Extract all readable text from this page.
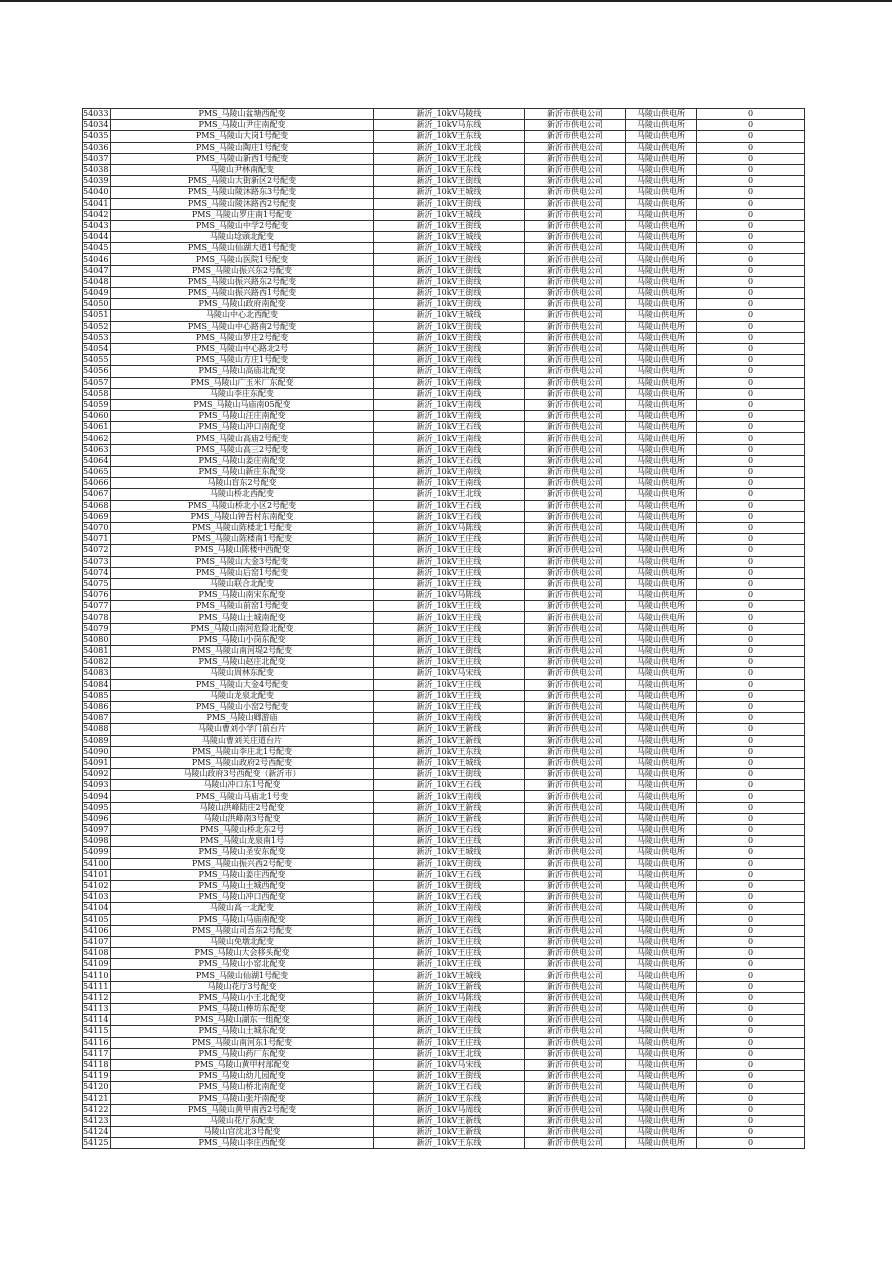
54033	PMS_马陵山盆塘西配变	新沂_10kV马陵线	新沂市供电公司	马陵山供电所	0
54034	PMS_马陵山尹庄南配变	新沂_10kV马东线	新沂市供电公司	马陵山供电所	0
54035	PMS_马陵山大岗1号配变	新沂_10kV王东线	新沂市供电公司	马陵山供电所	0
54036	PMS_马陵山陶庄1号配变	新沂_10kV王北线	新沂市供电公司	马陵山供电所	0
54037	PMS_马陵山新西1号配变	新沂_10kV王北线	新沂市供电公司	马陵山供电所	0
54038	马陵山尹林南配变	新沂_10kV王东线	新沂市供电公司	马陵山供电所	0
54039	PMS_马陵山大街新区2号配变	新沂_10kV王街线	新沂市供电公司	马陵山供电所	0
54040	PMS_马陵山陵沐路东3号配变	新沂_10kV王城线	新沂市供电公司	马陵山供电所	0
54041	PMS_马陵山陵沐路西2号配变	新沂_10kV王街线	新沂市供电公司	马陵山供电所	0
54042	PMS_马陵山罗庄南1号配变	新沂_10kV王城线	新沂市供电公司	马陵山供电所	0
54043	PMS_马陵山中学2号配变	新沂_10kV王街线	新沂市供电公司	马陵山供电所	0
54044	马陵山埝頭北配变	新沂_10kV王城线	新沂市供电公司	马陵山供电所	0
54045	PMS_马陵山仙湖大道1号配变	新沂_10kV王城线	新沂市供电公司	马陵山供电所	0
54046	PMS_马陵山医院1号配变	新沂_10kV王街线	新沂市供电公司	马陵山供电所	0
54047	PMS_马陵山振兴东2号配变	新沂_10kV王街线	新沂市供电公司	马陵山供电所	0
54048	PMS_马陵山振兴路东2号配变	新沂_10kV王街线	新沂市供电公司	马陵山供电所	0
54049	PMS_马陵山振兴路西1号配变	新沂_10kV王街线	新沂市供电公司	马陵山供电所	0
54050	PMS_马陵山政府南配变	新沂_10kV王街线	新沂市供电公司	马陵山供电所	0
54051	马陵山中心北西配变	新沂_10kV王城线	新沂市供电公司	马陵山供电所	0
54052	PMS_马陵山中心路南2号配变	新沂_10kV王街线	新沂市供电公司	马陵山供电所	0
54053	PMS_马陵山罗庄2号配变	新沂_10kV王街线	新沂市供电公司	马陵山供电所	0
54054	PMS_马陵山中心路北2号	新沂_10kV王街线	新沂市供电公司	马陵山供电所	0
54055	PMS_马陵山方庄1号配变	新沂_10kV王南线	新沂市供电公司	马陵山供电所	0
54056	PMS_马陵山高庙北配变	新沂_10kV王南线	新沂市供电公司	马陵山供电所	0
54057	PMS_马陵山广玉米厂东配变	新沂_10kV王南线	新沂市供电公司	马陵山供电所	0
54058	马陵山李庄东配变	新沂_10kV王南线	新沂市供电公司	马陵山供电所	0
54059	PMS_马陵山马庙南05配变	新沂_10kV王南线	新沂市供电公司	马陵山供电所	0
54060	PMS_马陵山汪庄南配变	新沂_10kV王南线	新沂市供电公司	马陵山供电所	0
54061	PMS_马陵山冲口南配变	新沂_10kV王石线	新沂市供电公司	马陵山供电所	0
54062	PMS_马陵山高庙2号配变	新沂_10kV王南线	新沂市供电公司	马陵山供电所	0
54063	PMS_马陵山高三2号配变	新沂_10kV王南线	新沂市供电公司	马陵山供电所	0
54064	PMS_马陵山姜庄南配变	新沂_10kV王石线	新沂市供电公司	马陵山供电所	0
54065	PMS_马陵山新庄东配变	新沂_10kV王南线	新沂市供电公司	马陵山供电所	0
54066	马陵山盲东2号配变	新沂_10kV王南线	新沂市供电公司	马陵山供电所	0
54067	马陵山桥北西配变	新沂_10kV王北线	新沂市供电公司	马陵山供电所	0
54068	PMS_马陵山桥北小区2号配变	新沂_10kV王石线	新沂市供电公司	马陵山供电所	0
54069	PMS_马陵山钟吾村东南配变	新沂_10kV王石线	新沂市供电公司	马陵山供电所	0
54070	PMS_马陵山陈楼北1号配变	新沂_10kV马陈线	新沂市供电公司	马陵山供电所	0
54071	PMS_马陵山陈楼南1号配变	新沂_10kV王庄线	新沂市供电公司	马陵山供电所	0
54072	PMS_马陵山陈楼中西配变	新沂_10kV王庄线	新沂市供电公司	马陵山供电所	0
54073	PMS_马陵山大金3号配变	新沂_10kV王庄线	新沂市供电公司	马陵山供电所	0
54074	PMS_马陵山后窑1号配变	新沂_10kV王庄线	新沂市供电公司	马陵山供电所	0
54075	马陵山联合北配变	新沂_10kV王庄线	新沂市供电公司	马陵山供电所	0
54076	PMS_马陵山南宋东配变	新沂_10kV马陈线	新沂市供电公司	马陵山供电所	0
54077	PMS_马陵山前窑1号配变	新沂_10kV王庄线	新沂市供电公司	马陵山供电所	0
54078	PMS_马陵山土城南配变	新沂_10kV王庄线	新沂市供电公司	马陵山供电所	0
54079	PMS_马陵山南河危险北配变	新沂_10kV王庄线	新沂市供电公司	马陵山供电所	0
54080	PMS_马陵山小岗东配变	新沂_10kV王庄线	新沂市供电公司	马陵山供电所	0
54081	PMS_马陵山南河堤2号配变	新沂_10kV王街线	新沂市供电公司	马陵山供电所	0
54082	PMS_马陵山赵庄北配变	新沂_10kV王庄线	新沂市供电公司	马陵山供电所	0
54083	马陵山周林东配变	新沂_10kV马宋线	新沂市供电公司	马陵山供电所	0
54084	PMS_马陵山大金4号配变	新沂_10kV王庄线	新沂市供电公司	马陵山供电所	0
54085	马陵山龙泉北配变	新沂_10kV王庄线	新沂市供电公司	马陵山供电所	0
54086	PMS_马陵山小窑2号配变	新沂_10kV王庄线	新沂市供电公司	马陵山供电所	0
54087	PMS_马陵山卿游庙	新沂_10kV王南线	新沂市供电公司	马陵山供电所	0
54088	马陵山曹刘小学门前台片	新沂_10kV王新线	新沂市供电公司	马陵山供电所	0
54089	马陵山曹刘关庄道台片	新沂_10kV王新线	新沂市供电公司	马陵山供电所	0
54090	PMS_马陵山李庄北1号配变	新沂_10kV王东线	新沂市供电公司	马陵山供电所	0
54091	PMS_马陵山政府2号西配变	新沂_10kV王城线	新沂市供电公司	马陵山供电所	0
54092	马陵山政府3号西配变（新沂市）	新沂_10kV王街线	新沂市供电公司	马陵山供电所	0
54093	马陵山冲口东1号配变	新沂_10kV王石线	新沂市供电公司	马陵山供电所	0
54094	PMS_马陵山马庙北1号变	新沂_10kV王南线	新沂市供电公司	马陵山供电所	0
54095	马陵山洪峰陆庄2号配变	新沂_10kV王新线	新沂市供电公司	马陵山供电所	0
54096	马陵山洪峰南3号配变	新沂_10kV王新线	新沂市供电公司	马陵山供电所	0
54097	PMS_马陵山桥北东2号	新沂_10kV王石线	新沂市供电公司	马陵山供电所	0
54098	PMS_马陵山龙泉南1号	新沂_10kV王庄线	新沂市供电公司	马陵山供电所	0
54099	PMS_马陵山圣安东配变	新沂_10kV王城线	新沂市供电公司	马陵山供电所	0
54100	PMS_马陵山振兴西2号配变	新沂_10kV王街线	新沂市供电公司	马陵山供电所	0
54101	PMS_马陵山姜庄西配变	新沂_10kV王石线	新沂市供电公司	马陵山供电所	0
54102	PMS_马陵山土城西配变	新沂_10kV王街线	新沂市供电公司	马陵山供电所	0
54103	PMS_马陵山冲口西配变	新沂_10kV王石线	新沂市供电公司	马陵山供电所	0
54104	马陵山高一北配变	新沂_10kV王南线	新沂市供电公司	马陵山供电所	0
54105	PMS_马陵山马庙南配变	新沂_10kV王南线	新沂市供电公司	马陵山供电所	0
54106	PMS_马陵山司吾东2号配变	新沂_10kV王石线	新沂市供电公司	马陵山供电所	0
54107	马陵山免墩北配变	新沂_10kV王庄线	新沂市供电公司	马陵山供电所	0
54108	PMS_马陵山大会移头配变	新沂_10kV王庄线	新沂市供电公司	马陵山供电所	0
54109	PMS_马陵山小窑北配变	新沂_10kV王庄线	新沂市供电公司	马陵山供电所	0
54110	PMS_马陵山仙湖1号配变	新沂_10kV王城线	新沂市供电公司	马陵山供电所	0
54111	马陵山花厅3号配变	新沂_10kV王新线	新沂市供电公司	马陵山供电所	0
54112	PMS_马陵山小王北配变	新沂_10kV马陈线	新沂市供电公司	马陵山供电所	0
54113	PMS_马陵山棒坊东配变	新沂_10kV王南线	新沂市供电公司	马陵山供电所	0
54114	PMS_马陵山湖东一组配变	新沂_10kV王南线	新沂市供电公司	马陵山供电所	0
54115	PMS_马陵山土城东配变	新沂_10kV王庄线	新沂市供电公司	马陵山供电所	0
54116	PMS_马陵山南河东1号配变	新沂_10kV王庄线	新沂市供电公司	马陵山供电所	0
54117	PMS_马陵山药厂东配变	新沂_10kV王北线	新沂市供电公司	马陵山供电所	0
54118	PMS_马陵山黄甲村部配变	新沂_10kV马宋线	新沂市供电公司	马陵山供电所	0
54119	PMS_马陵山幼儿园配变	新沂_10kV王街线	新沂市供电公司	马陵山供电所	0
54120	PMS_马陵山桥北南配变	新沂_10kV王石线	新沂市供电公司	马陵山供电所	0
54121	PMS_马陵山张圩南配变	新沂_10kV王东线	新沂市供电公司	马陵山供电所	0
54122	PMS_马陵山黄甲南西2号配变	新沂_10kV马周线	新沂市供电公司	马陵山供电所	0
54123	马陵山花厅东配变	新沂_10kV王新线	新沂市供电公司	马陵山供电所	0
54124	马陵山官沈北3号配变	新沂_10kV王新线	新沂市供电公司	马陵山供电所	0
54125	PMS_马陵山李庄西配变	新沂_10kV王东线	新沂市供电公司	马陵山供电所	0
